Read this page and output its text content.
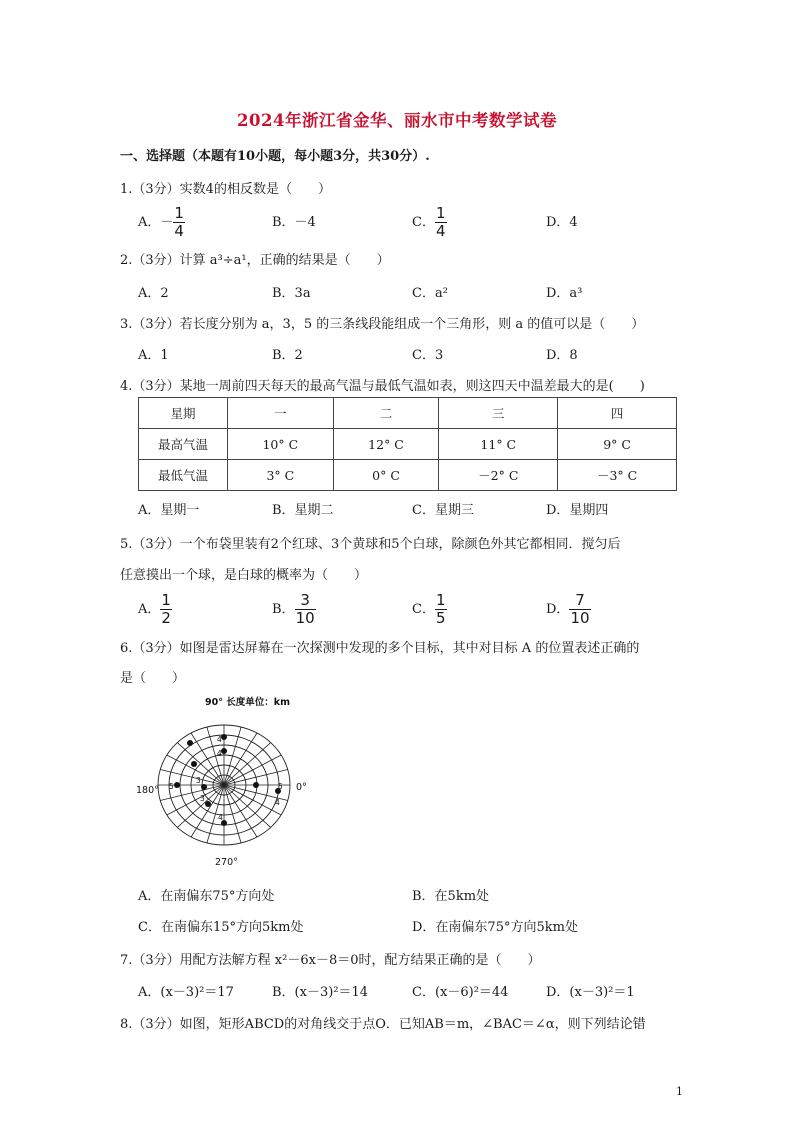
2024年浙江省金华、丽水市中考数学试卷
一、选择题（本题有10小题，每小题3分，共30分）.
1.（3分）实数4的相反数是（　　）
A．－ $\frac{1}{4}$	B．－4	C． $\frac{1}{4}$	D．4
2.（3分）计算 a³÷a¹，正确的结果是（　　）
A．2	B．3a	C．a²	D．a³
3.（3分）若长度分别为 a，3，5 的三条线段能组成一个三角形，则 a 的值可以是（　　）
A．1	B．2	C．3	D．8
4.（3分）某地一周前四天每天的最高气温与最低气温如表，则这四天中温差最大的是(　　)
星期	一	二	三	四
最高气温	10° C	12° C	11° C	9° C
最低气温	3° C	0° C	－2° C	－3° C
A．星期一	B．星期二	C．星期三	D．星期四
5.（3分）一个布袋里装有2个红球、3个黄球和5个白球，除颜色外其它都相同．搅匀后
任意摸出一个球，是白球的概率为（　　）
A． $\frac{1}{2}$	B． $\frac{3}{10}$	C． $\frac{1}{5}$	D． $\frac{7}{10}$
6.（3分）如图是雷达屏幕在一次探测中发现的多个目标，其中对目标 A 的位置表述正确的
是（　　）
4
4
3
5	5
4
3
4
90° 长度单位：km
180°	0°
270°
A．在南偏东75°方向处	B．在5km处
C．在南偏东15°方向5km处	D．在南偏东75°方向5km处
7.（3分）用配方法解方程 x²－6x－8＝0时，配方结果正确的是（　　）
A．(x－3)²＝17	B．(x－3)²＝14	C．(x－6)²＝44	D．(x－3)²＝1
8.（3分）如图，矩形ABCD的对角线交于点O．已知AB＝m，∠BAC＝∠α，则下列结论错
1
